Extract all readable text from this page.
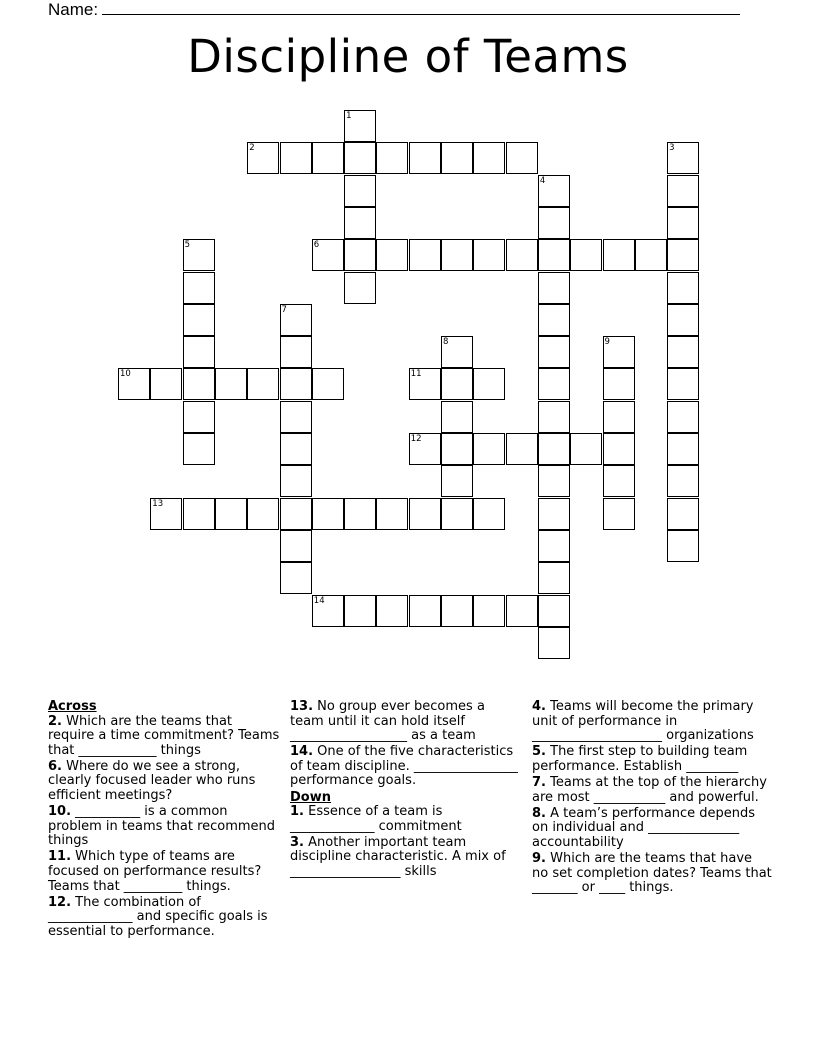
Name:
Discipline of Teams
1
2	3
4
5	6
7
8	9
10	11
12
13
14

Across

2. Which are the teams that require a time commitment? Teams that ____________ things

6. Where do we see a strong, clearly focused leader who runs efficient meetings?

10. __________ is a common problem in teams that recommend things

11. Which type of teams are focused on performance results? Teams that _________ things.

12. The combination of _____________ and specific goals is essential to performance.

13. No group ever becomes a team until it can hold itself __________________ as a team

14. One of the five characteristics of team discipline. ________________ performance goals.

Down

1. Essence of a team is _____________ commitment

3. Another important team discipline characteristic. A mix of _________________ skills

4. Teams will become the primary unit of performance in ____________________ organizations

5. The first step to building team performance. Establish ________

7. Teams at the top of the hierarchy are most ___________ and powerful.

8. A team’s performance depends on individual and ______________ accountability

9. Which are the teams that have no set completion dates? Teams that _______ or ____ things.
